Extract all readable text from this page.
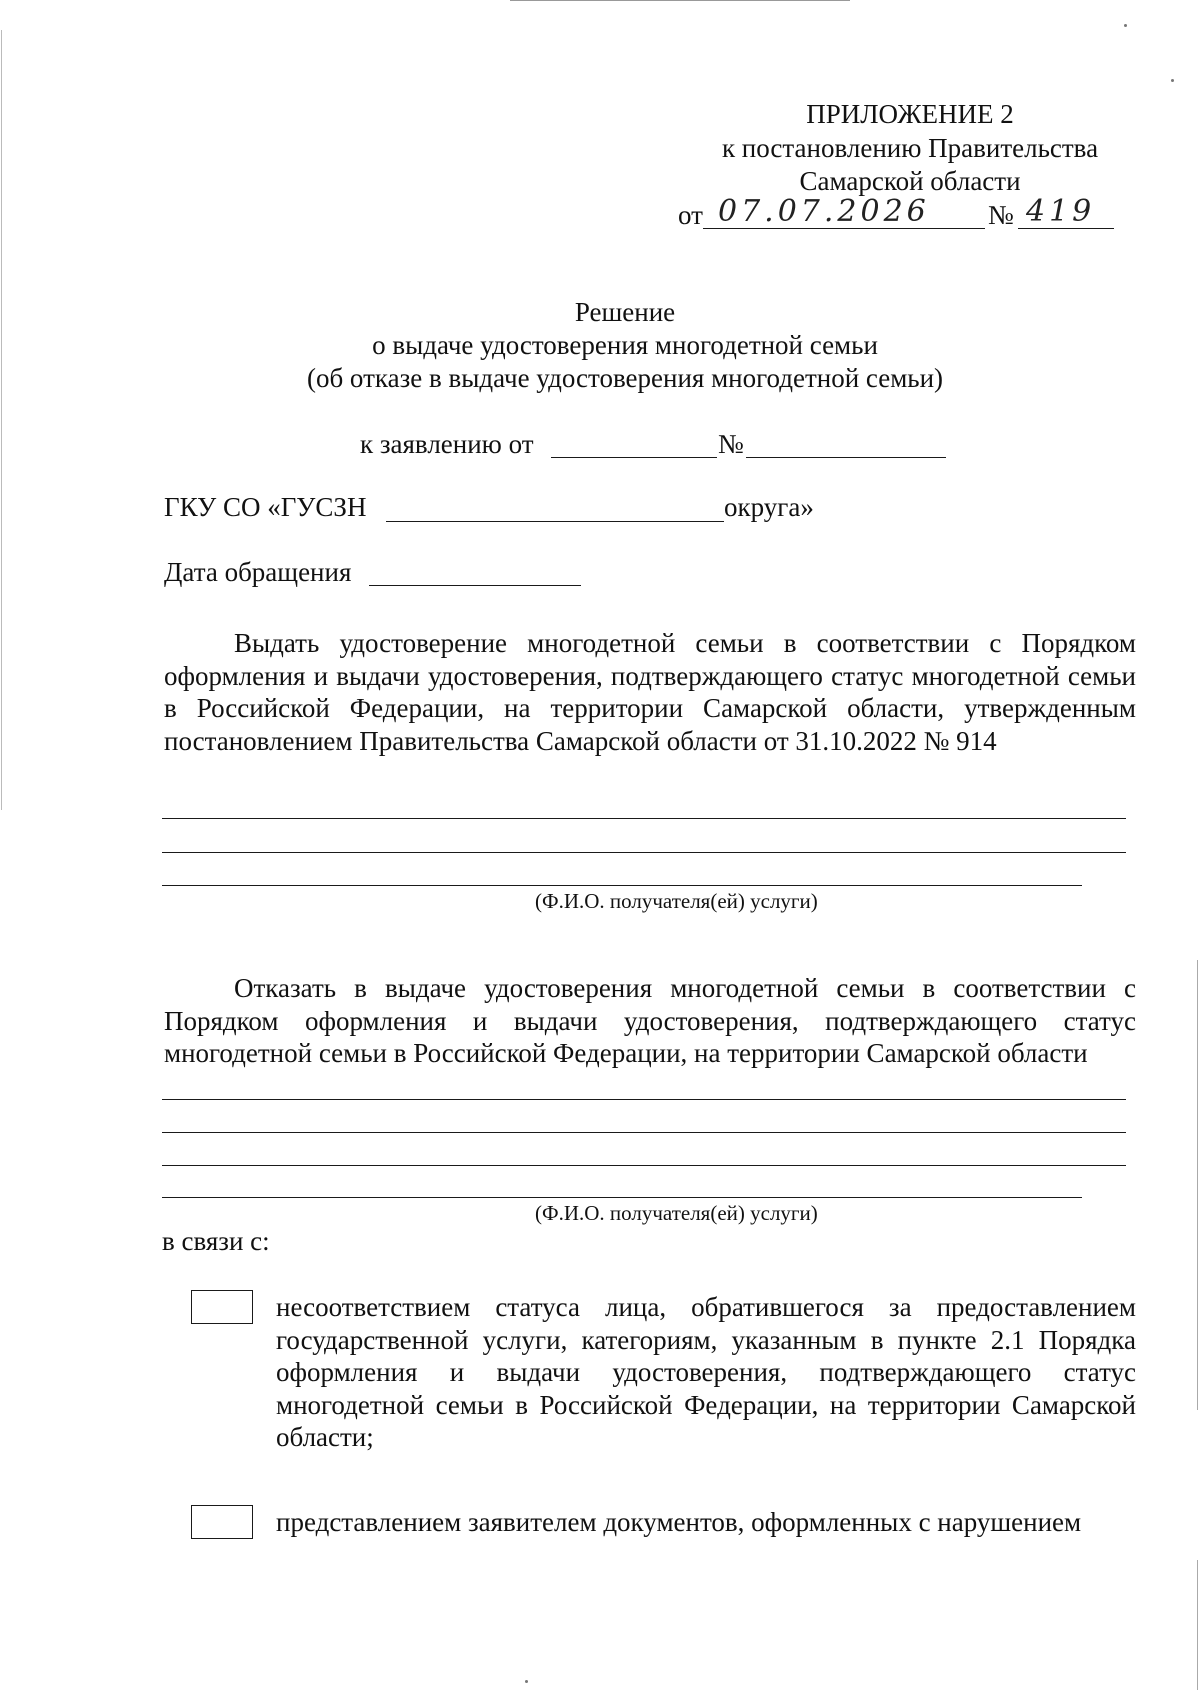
ПРИЛОЖЕНИЕ 2
к постановлению Правительства
Самарской области
от 07.07.2026 № 419
Решение
о выдаче удостоверения многодетной семьи
(об отказе в выдаче удостоверения многодетной семьи)
к заявлению от	№
ГКУ СО «ГУСЗН	округа»
Дата обращения
Выдать удостоверение многодетной семьи в соответствии с Порядком оформления и выдачи удостоверения, подтверждающего статус многодетной семьи в Российской Федерации, на территории Самарской области, утвержденным постановлением Правительства Самарской области от 31.10.2022 № 914
(Ф.И.О. получателя(ей) услуги)
Отказать в выдаче удостоверения многодетной семьи в соответствии с Порядком оформления и выдачи удостоверения, подтверждающего статус многодетной семьи в Российской Федерации, на территории Самарской области
(Ф.И.О. получателя(ей) услуги)
в связи с:
несоответствием статуса лица, обратившегося за предоставлением государственной услуги, категориям, указанным в пункте 2.1 Порядка оформления и выдачи удостоверения, подтверждающего статус многодетной семьи в Российской Федерации, на территории Самарской области;
представлением заявителем документов, оформленных с нарушением
